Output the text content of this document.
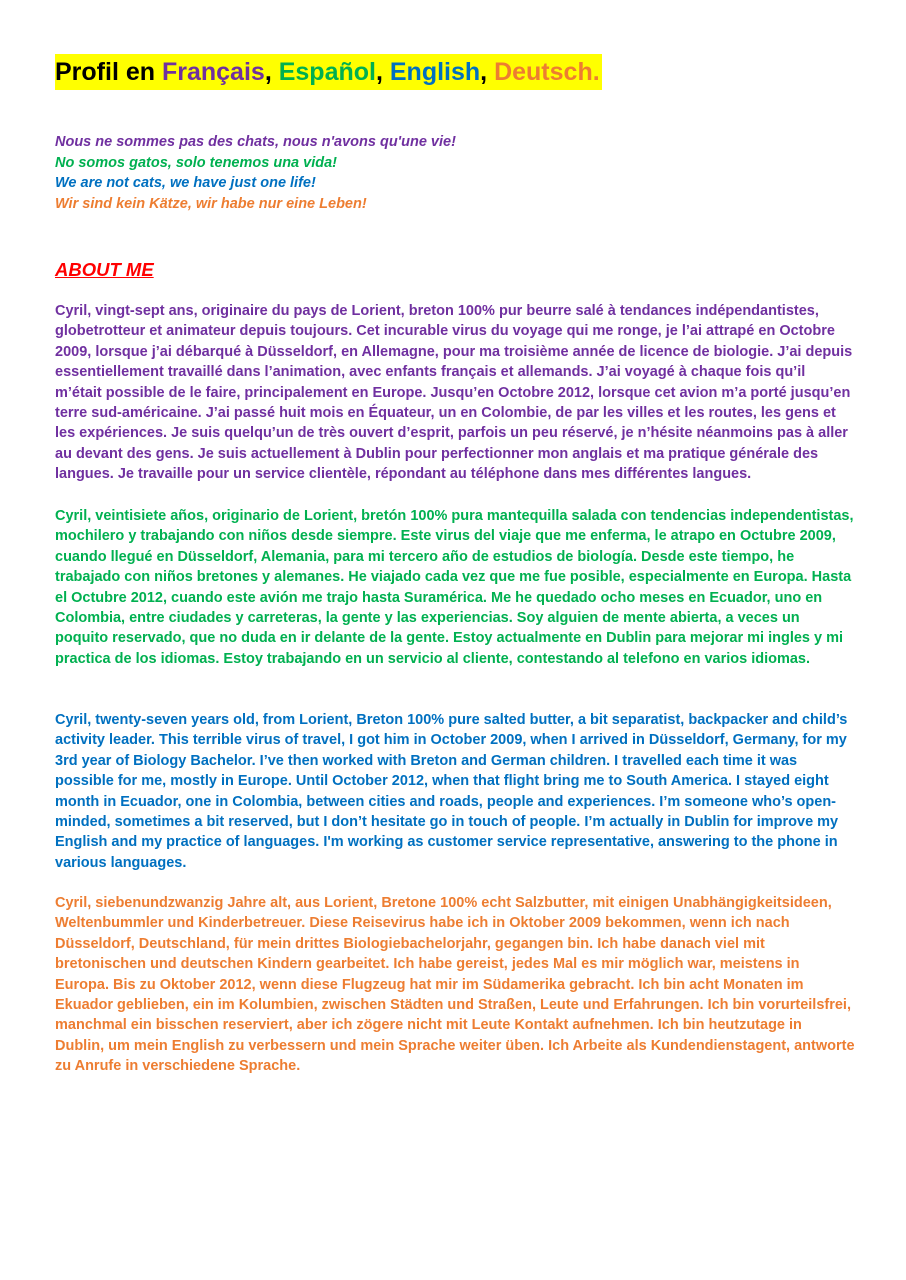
Profil en Français, Español, English, Deutsch.
Nous ne sommes pas des chats, nous n'avons qu'une vie!
No somos gatos, solo tenemos una vida!
We are not cats, we have just one life!
Wir sind kein Kätze, wir habe nur eine Leben!
ABOUT ME

Cyril, vingt-sept ans, originaire du pays de Lorient, breton 100% pur beurre salé à tendances indépendantistes, globetrotteur et animateur depuis toujours. Cet incurable virus du voyage qui me ronge, je l’ai attrapé en Octobre 2009, lorsque j’ai débarqué à Düsseldorf, en Allemagne, pour ma troisième année de licence de biologie. J’ai depuis essentiellement travaillé dans l’animation, avec enfants français et allemands. J’ai voyagé à chaque fois qu’il m’était possible de le faire, principalement en Europe. Jusqu’en Octobre 2012, lorsque cet avion m’a porté jusqu’en terre sud-américaine. J’ai passé huit mois en Équateur, un en Colombie, de par les villes et les routes, les gens et les expériences. Je suis quelqu’un de très ouvert d’esprit, parfois un peu réservé, je n’hésite néanmoins pas à aller au devant des gens. Je suis actuellement à Dublin pour perfectionner mon anglais et ma pratique générale des langues. Je travaille pour un service clientèle, répondant au téléphone dans mes différentes langues.

Cyril, veintisiete años, originario de Lorient, bretón 100% pura mantequilla salada con tendencias independentistas, mochilero y trabajando con niños desde siempre. Este virus del viaje que me enferma, le atrapo en Octubre 2009, cuando llegué en Düsseldorf, Alemania, para mi tercero año de estudios de biología. Desde este tiempo, he trabajado con niños bretones y alemanes. He viajado cada vez que me fue posible, especialmente en Europa. Hasta el Octubre 2012, cuando este avión me trajo hasta Suramérica. Me he quedado ocho meses en Ecuador, uno en Colombia, entre ciudades y carreteras, la gente y las experiencias. Soy alguien de mente abierta, a veces un poquito reservado, que no duda en ir delante de la gente. Estoy actualmente en Dublin para mejorar mi ingles y mi practica de los idiomas. Estoy trabajando en un servicio al cliente, contestando al telefono en varios idiomas.

Cyril, twenty-seven years old, from Lorient, Breton 100% pure salted butter, a bit separatist, backpacker and child’s activity leader. This terrible virus of travel, I got him in October 2009, when I arrived in Düsseldorf, Germany, for my 3rd year of Biology Bachelor. I’ve then worked with Breton and German children. I travelled each time it was possible for me, mostly in Europe. Until October 2012, when that flight bring me to South America. I stayed eight month in Ecuador, one in Colombia, between cities and roads, people and experiences. I’m someone who’s open-minded, sometimes a bit reserved, but I don’t hesitate go in touch of people. I’m actually in Dublin for improve my English and my practice of languages. I'm working as customer service representative, answering to the phone in various languages.

Cyril, siebenundzwanzig Jahre alt, aus Lorient, Bretone 100% echt Salzbutter, mit einigen Unabhängigkeitsideen, Weltenbummler und Kinderbetreuer. Diese Reisevirus habe ich in Oktober 2009 bekommen, wenn ich nach Düsseldorf, Deutschland, für mein drittes Biologiebachelorjahr, gegangen bin. Ich habe danach viel mit bretonischen und deutschen Kindern gearbeitet. Ich habe gereist, jedes Mal es mir möglich war, meistens in Europa. Bis zu Oktober 2012, wenn diese Flugzeug hat mir im Südamerika gebracht. Ich bin acht Monaten im Ekuador geblieben, ein im Kolumbien, zwischen Städten und Straßen, Leute und Erfahrungen. Ich bin vorurteilsfrei, manchmal ein bisschen reserviert, aber ich zögere nicht mit Leute Kontakt aufnehmen. Ich bin heutzutage in Dublin, um mein English zu verbessern und mein Sprache weiter üben. Ich Arbeite als Kundendienstagent, antworte zu Anrufe in verschiedene Sprache.
